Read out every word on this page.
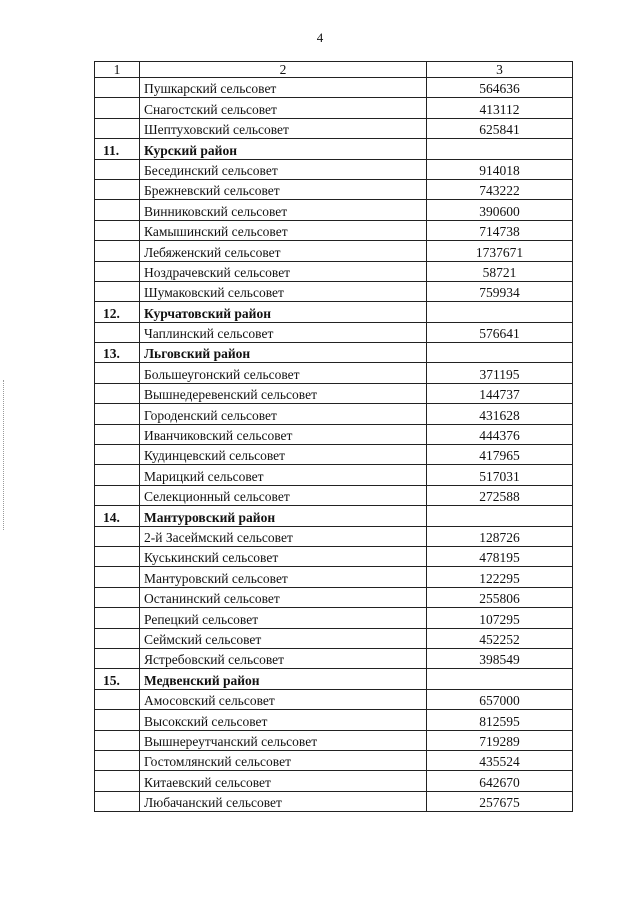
4
1	2	3
	Пушкарский сельсовет	564636
	Снагостский сельсовет	413112
	Шептуховский сельсовет	625841
11.	Курский район	
	Бесединский сельсовет	914018
	Брежневский сельсовет	743222
	Винниковский сельсовет	390600
	Камышинский сельсовет	714738
	Лебяженский сельсовет	1737671
	Ноздрачевский сельсовет	58721
	Шумаковский сельсовет	759934
12.	Курчатовский район	
	Чаплинский сельсовет	576641
13.	Льговский район	
	Большеугонский сельсовет	371195
	Вышнедеревенский сельсовет	144737
	Городенский сельсовет	431628
	Иванчиковский сельсовет	444376
	Кудинцевский сельсовет	417965
	Марицкий сельсовет	517031
	Селекционный сельсовет	272588
14.	Мантуровский район	
	2-й Засеймский сельсовет	128726
	Куськинский сельсовет	478195
	Мантуровский сельсовет	122295
	Останинский сельсовет	255806
	Репецкий сельсовет	107295
	Сеймский сельсовет	452252
	Ястребовский сельсовет	398549
15.	Медвенский район	
	Амосовский сельсовет	657000
	Высокский сельсовет	812595
	Вышнереутчанский сельсовет	719289
	Гостомлянский сельсовет	435524
	Китаевский сельсовет	642670
	Любачанский сельсовет	257675
